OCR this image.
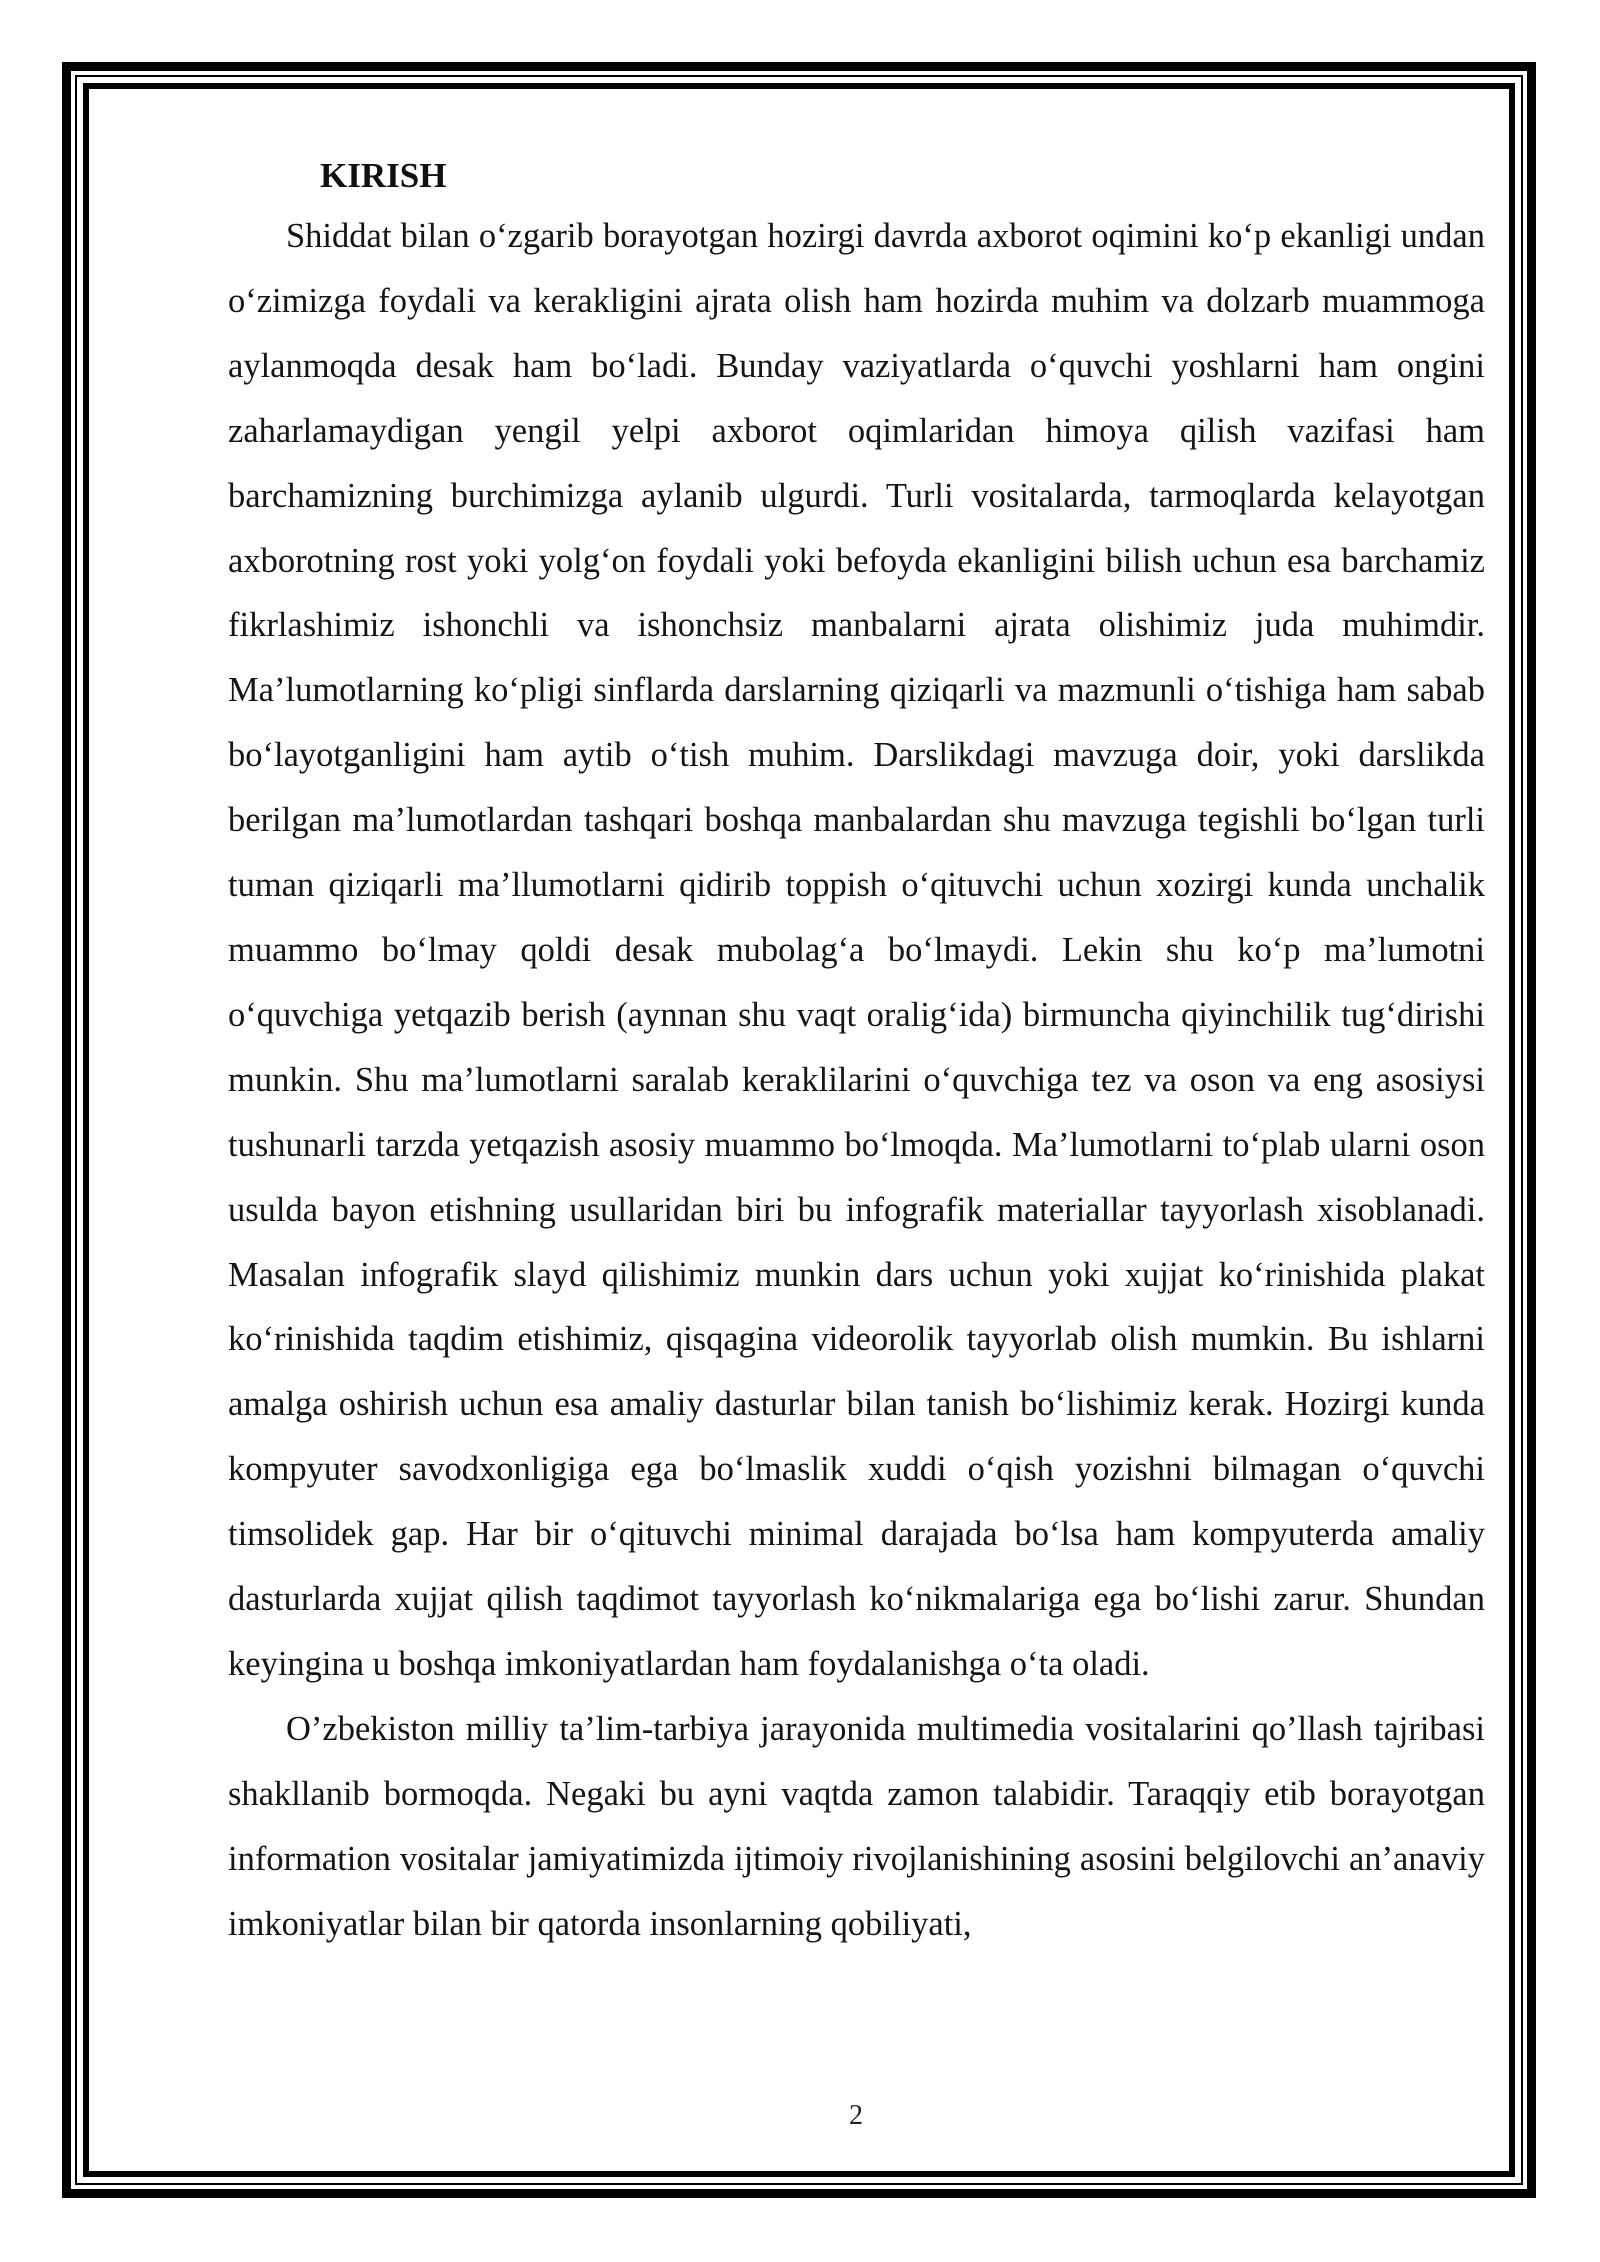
KIRISH

Shiddat bilan o‘zgarib borayotgan hozirgi davrda axborot oqimini ko‘p ekanligi undan o‘zimizga foydali va kerakligini ajrata olish ham hozirda muhim va dolzarb muammoga aylanmoqda desak ham bo‘ladi. Bunday vaziyatlarda o‘quvchi yoshlarni ham ongini zaharlamaydigan yengil yelpi axborot oqimlaridan himoya qilish vazifasi ham barchamizning burchimizga aylanib ulgurdi. Turli vositalarda, tarmoqlarda kelayotgan axborotning rost yoki yolg‘on foydali yoki befoyda ekanligini bilish uchun esa barchamiz fikrlashimiz ishonchli va ishonchsiz manbalarni ajrata olishimiz juda muhimdir. Ma’lumotlarning ko‘pligi sinflarda darslarning qiziqarli va mazmunli o‘tishiga ham sabab bo‘layotganligini ham aytib o‘tish muhim. Darslikdagi mavzuga doir, yoki darslikda berilgan ma’lumotlardan tashqari boshqa manbalardan shu mavzuga tegishli bo‘lgan turli tuman qiziqarli ma’llumotlarni qidirib toppish o‘qituvchi uchun xozirgi kunda unchalik muammo bo‘lmay qoldi desak mubolag‘a bo‘lmaydi. Lekin shu ko‘p ma’lumotni o‘quvchiga yetqazib berish (aynnan shu vaqt oralig‘ida) birmuncha qiyinchilik tug‘dirishi munkin. Shu ma’lumotlarni saralab keraklilarini o‘quvchiga tez va oson va eng asosiysi tushunarli tarzda yetqazish asosiy muammo bo‘lmoqda. Ma’lumotlarni to‘plab ularni oson usulda bayon etishning usullaridan biri bu infografik materiallar tayyorlash xisoblanadi. Masalan infografik slayd qilishimiz munkin dars uchun yoki xujjat ko‘rinishida plakat ko‘rinishida taqdim etishimiz, qisqagina videorolik tayyorlab olish mumkin. Bu ishlarni amalga oshirish uchun esa amaliy dasturlar bilan tanish bo‘lishimiz kerak. Hozirgi kunda kompyuter savodxonligiga ega bo‘lmaslik xuddi o‘qish yozishni bilmagan o‘quvchi timsolidek gap. Har bir o‘qituvchi minimal darajada bo‘lsa ham kompyuterda amaliy dasturlarda xujjat qilish taqdimot tayyorlash ko‘nikmalariga ega bo‘lishi zarur. Shundan keyingina u boshqa imkoniyatlardan ham foydalanishga o‘ta oladi.

O’zbekiston milliy ta’lim-tarbiya jarayonida multimedia vositalarini qo’llash tajribasi shakllanib bormoqda. Negaki bu ayni vaqtda zamon talabidir. Taraqqiy etib borayotgan information vositalar jamiyatimizda ijtimoiy rivojlanishining asosini belgilovchi an’anaviy imkoniyatlar bilan bir qatorda insonlarning qobiliyati,

2
